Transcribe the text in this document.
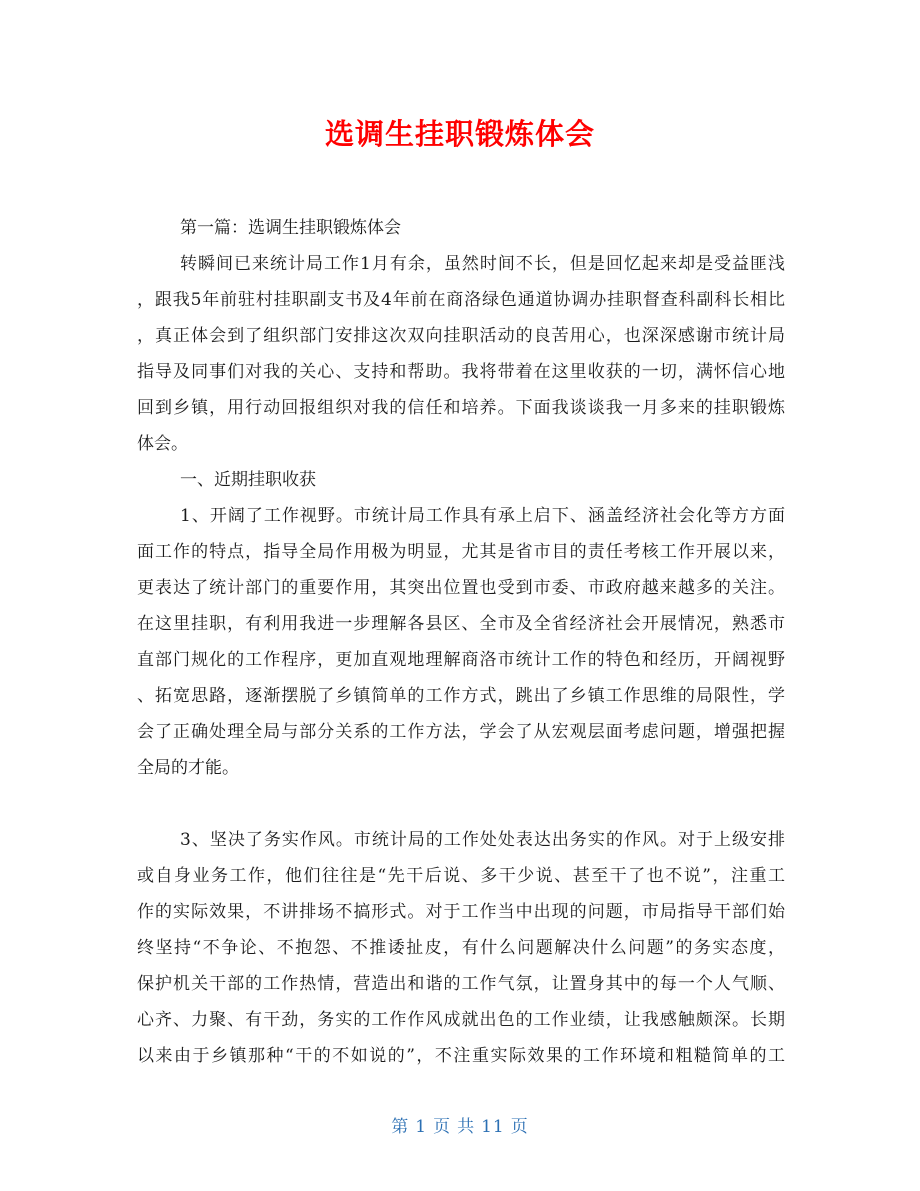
选调生挂职锻炼体会
第一篇：选调生挂职锻炼体会
转瞬间已来统计局工作1月有余，虽然时间不长，但是回忆起来却是受益匪浅
，跟我5年前驻村挂职副支书及4年前在商洛绿色通道协调办挂职督查科副科长相比
，真正体会到了组织部门安排这次双向挂职活动的良苦用心，也深深感谢市统计局
指导及同事们对我的关心、支持和帮助。我将带着在这里收获的一切，满怀信心地
回到乡镇，用行动回报组织对我的信任和培养。下面我谈谈我一月多来的挂职锻炼
体会。
一、近期挂职收获
1、开阔了工作视野。市统计局工作具有承上启下、涵盖经济社会化等方方面
面工作的特点，指导全局作用极为明显，尤其是省市目的责任考核工作开展以来，
更表达了统计部门的重要作用，其突出位置也受到市委、市政府越来越多的关注。
在这里挂职，有利用我进一步理解各县区、全市及全省经济社会开展情况，熟悉市
直部门规化的工作程序，更加直观地理解商洛市统计工作的特色和经历，开阔视野
、拓宽思路，逐渐摆脱了乡镇简单的工作方式，跳出了乡镇工作思维的局限性，学
会了正确处理全局与部分关系的工作方法，学会了从宏观层面考虑问题，增强把握
全局的才能。
3、坚决了务实作风。市统计局的工作处处表达出务实的作风。对于上级安排
或自身业务工作，他们往往是“先干后说、多干少说、甚至干了也不说”，注重工
作的实际效果，不讲排场不搞形式。对于工作当中出现的问题，市局指导干部们始
终坚持“不争论、不抱怨、不推诿扯皮，有什么问题解决什么问题”的务实态度，
保护机关干部的工作热情，营造出和谐的工作气氛，让置身其中的每一个人气顺、
心齐、力聚、有干劲，务实的工作作风成就出色的工作业绩，让我感触颇深。长期
以来由于乡镇那种“干的不如说的”，不注重实际效果的工作环境和粗糙简单的工
第 1 页 共 11 页
